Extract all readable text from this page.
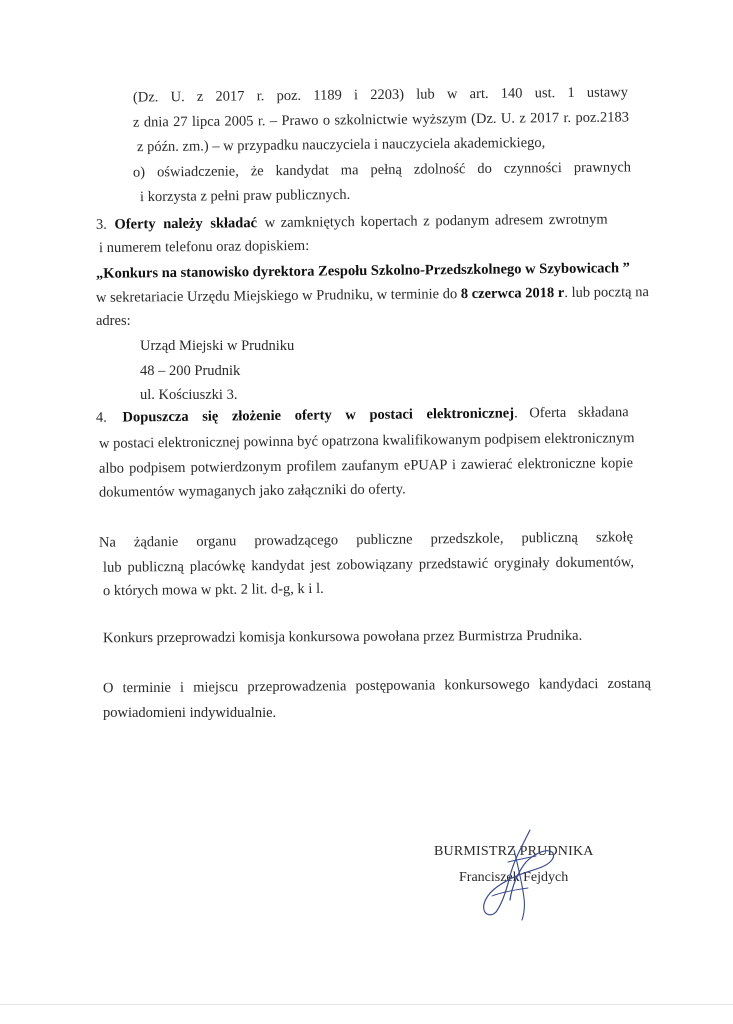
(Dz. U. z 2017 r. poz. 1189 i 2203) lub w art. 140 ust. 1 ustawy
z dnia 27 lipca 2005 r. – Prawo o szkolnictwie wyższym (Dz. U. z 2017 r. poz.2183
z późn. zm.) – w przypadku nauczyciela i nauczyciela akademickiego,
o) oświadczenie, że kandydat ma pełną zdolność do czynności prawnych
i korzysta z pełni praw publicznych.
3. Oferty należy składać w zamkniętych kopertach z podanym adresem zwrotnym
i numerem telefonu oraz dopiskiem:
„Konkurs na stanowisko dyrektora Zespołu Szkolno-Przedszkolnego w Szybowicach ”
w sekretariacie Urzędu Miejskiego w Prudniku, w terminie do 8 czerwca 2018 r. lub pocztą na
adres:
Urząd Miejski w Prudniku
48 – 200 Prudnik
ul. Kościuszki 3.
4. Dopuszcza się złożenie oferty w postaci elektronicznej. Oferta składana
w postaci elektronicznej powinna być opatrzona kwalifikowanym podpisem elektronicznym
albo podpisem potwierdzonym profilem zaufanym ePUAP i zawierać elektroniczne kopie
dokumentów wymaganych jako załączniki do oferty.
Na żądanie organu prowadzącego publiczne przedszkole, publiczną szkołę
lub publiczną placówkę kandydat jest zobowiązany przedstawić oryginały dokumentów,
o których mowa w pkt. 2 lit. d-g, k i l.
Konkurs przeprowadzi komisja konkursowa powołana przez Burmistrza Prudnika.
O terminie i miejscu przeprowadzenia postępowania konkursowego kandydaci zostaną
powiadomieni indywidualnie.
BURMISTRZ PRUDNIKA
Franciszek Fejdych
